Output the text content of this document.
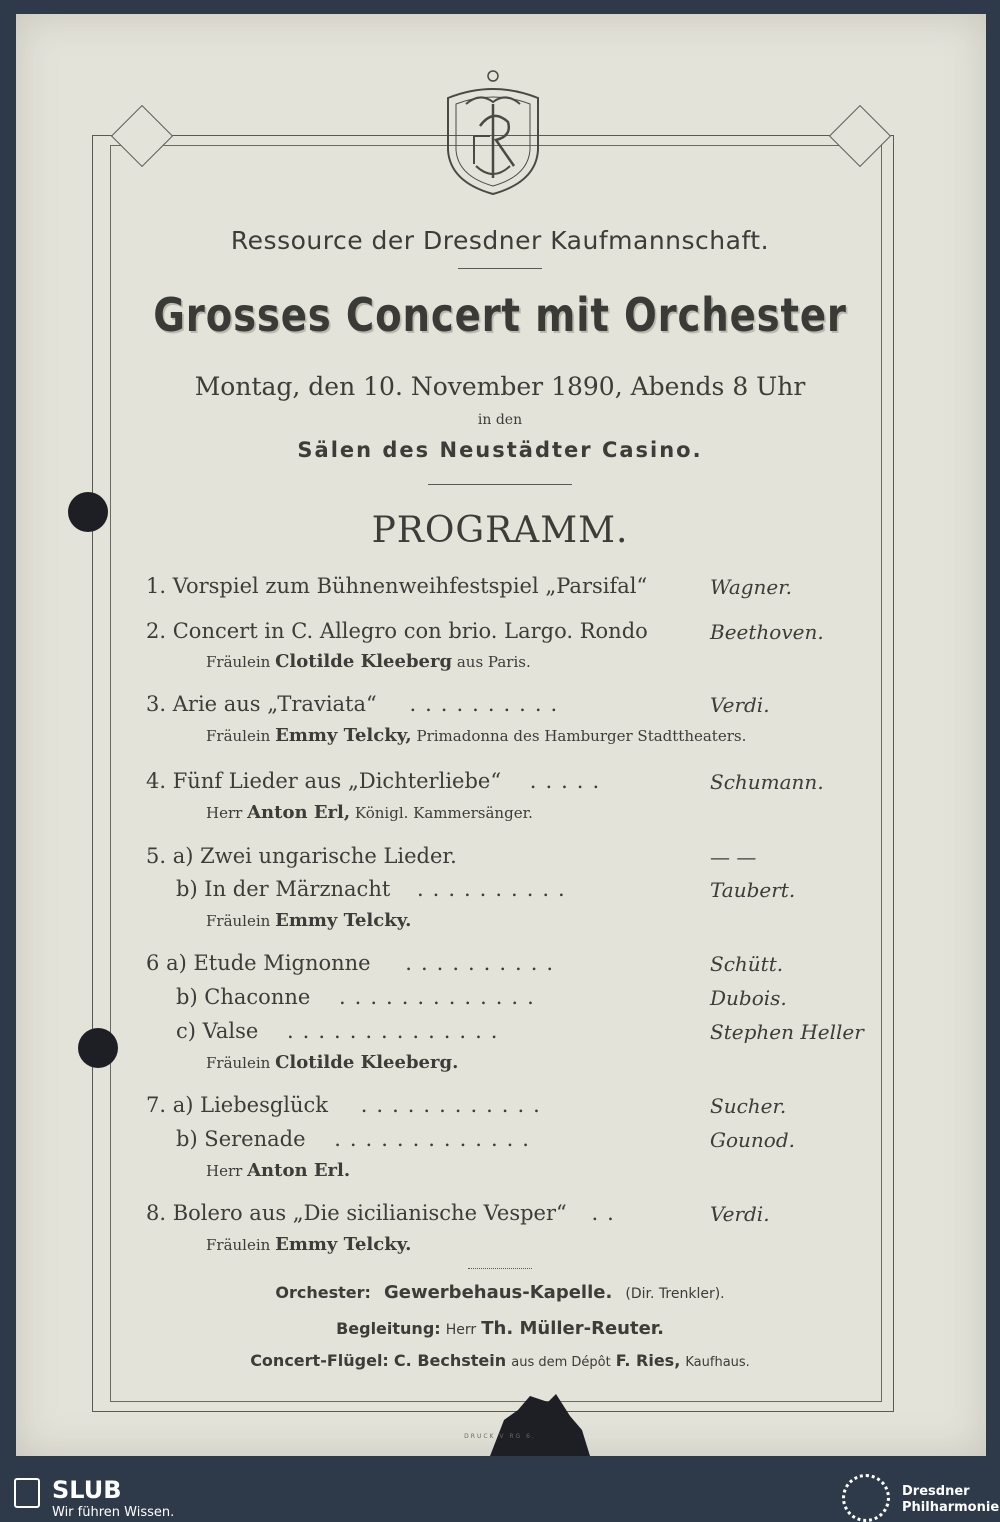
Ressource der Dresdner Kaufmannschaft.
Grosses Concert mit Orchester
Montag, den 10. November 1890, Abends 8 Uhr
in den
Sälen des Neustädter Casino.
PROGRAMM.
1. Vorspiel zum Bühnenweihfestspiel „Parsifal“	Wagner.
2. Concert in C. Allegro con brio. Largo. Rondo	Beethoven.
Fräulein Clotilde Kleeberg aus Paris.
3. Arie aus „Traviata“ ..........	Verdi.
Fräulein Emmy Telcky, Primadonna des Hamburger Stadttheaters.
4. Fünf Lieder aus „Dichterliebe“ .....	Schumann.
Herr Anton Erl, Königl. Kammersänger.
5. a) Zwei ungarische Lieder.	— —
b) In der Märznacht ..........	Taubert.
Fräulein Emmy Telcky.
6 a) Etude Mignonne ..........	Schütt.
b) Chaconne .............	Dubois.
c) Valse ..............	Stephen Heller
Fräulein Clotilde Kleeberg.
7. a) Liebesglück ............	Sucher.
b) Serenade .............	Gounod.
Herr Anton Erl.
8. Bolero aus „Die sicilianische Vesper“ ..	Verdi.
Fräulein Emmy Telcky.
Orchester: Gewerbehaus-Kapelle. (Dir. Trenkler).
Begleitung: Herr Th. Müller-Reuter.
Concert-Flügel: C. Bechstein aus dem Dépôt F. Ries, Kaufhaus.
DRUCK V RG 6.
SLUB
Wir führen Wissen.
Dresdner
Philharmonie
